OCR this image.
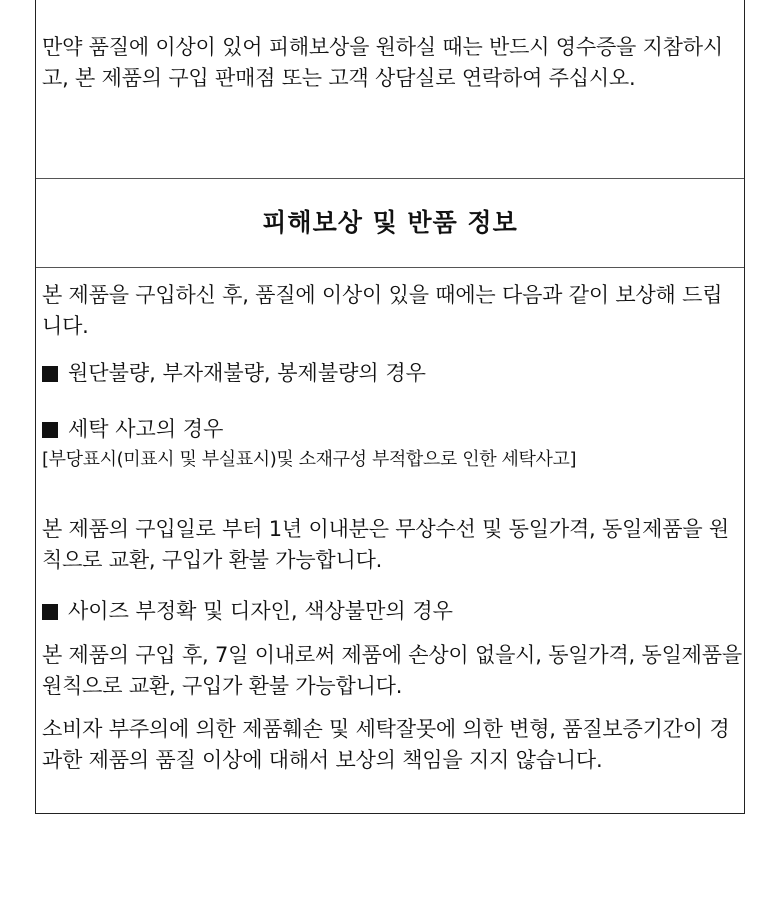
만약 품질에 이상이 있어 피해보상을 원하실 때는 반드시 영수증을 지참하시고, 본 제품의 구입 판매점 또는 고객 상담실로 연락하여 주십시오.

피해보상 및 반품 정보

본 제품을 구입하신 후, 품질에 이상이 있을 때에는 다음과 같이 보상해 드립니다.

원단불량, 부자재불량, 봉제불량의 경우
세탁 사고의 경우

[부당표시(미표시 및 부실표시)및 소재구성 부적합으로 인한 세탁사고]

본 제품의 구입일로 부터 1년 이내분은 무상수선 및 동일가격, 동일제품을 원칙으로 교환, 구입가 환불 가능합니다.

사이즈 부정확 및 디자인, 색상불만의 경우

본 제품의 구입 후, 7일 이내로써 제품에 손상이 없을시, 동일가격, 동일제품을 원칙으로 교환, 구입가 환불 가능합니다.

소비자 부주의에 의한 제품훼손 및 세탁잘못에 의한 변형, 품질보증기간이 경과한 제품의 품질 이상에 대해서 보상의 책임을 지지 않습니다.
